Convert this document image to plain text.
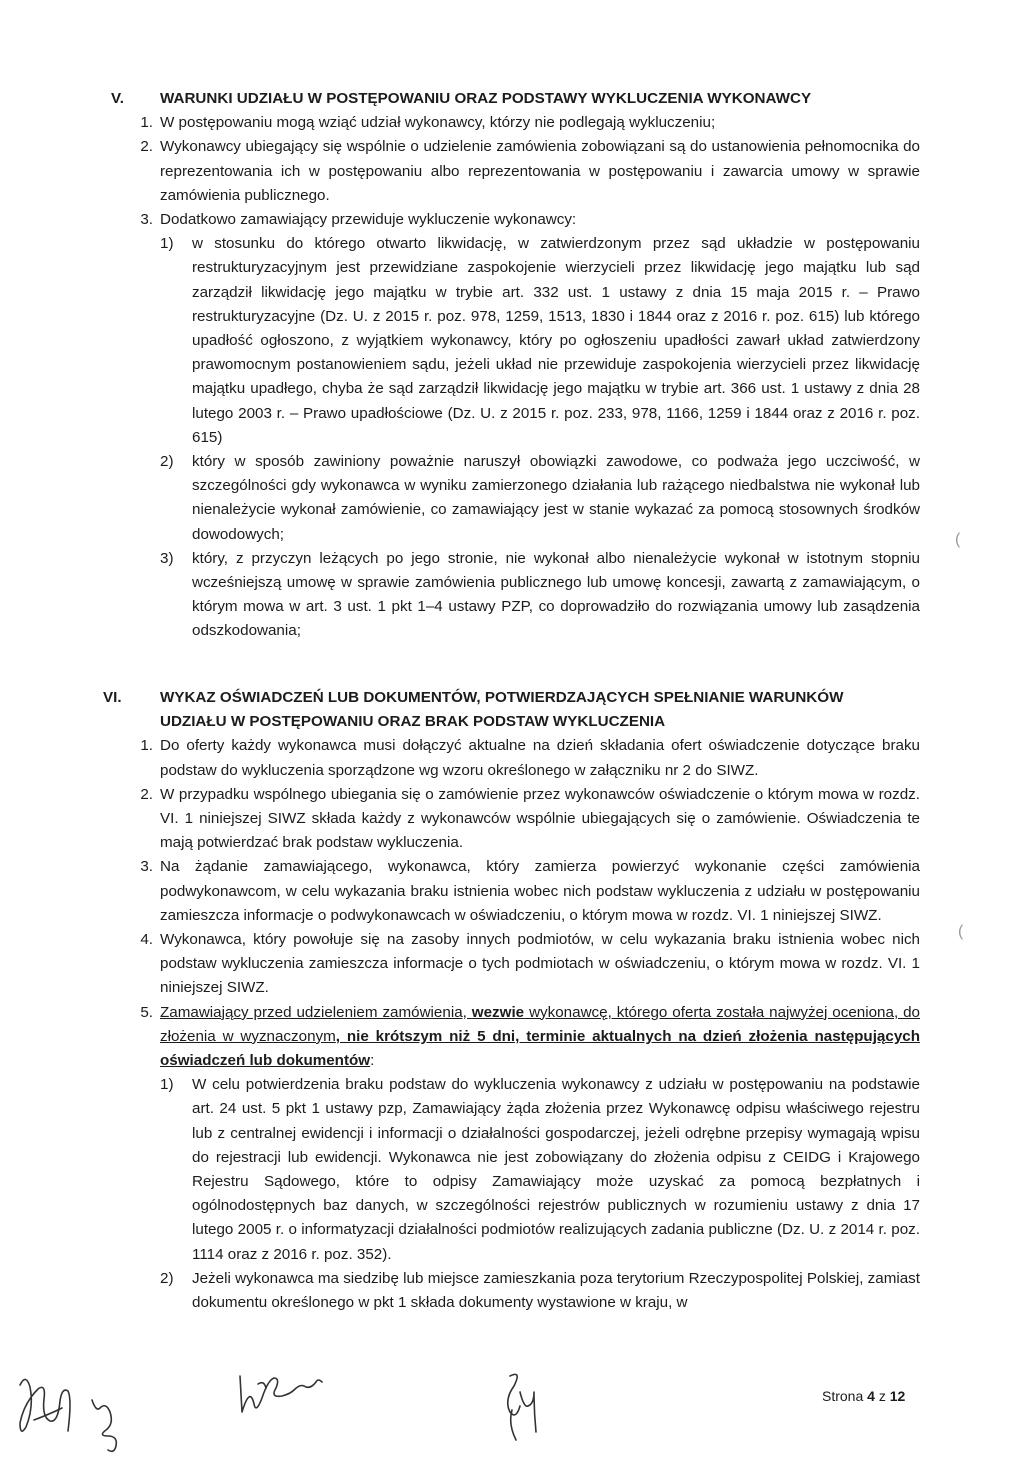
V. WARUNKI UDZIAŁU W POSTĘPOWANIU ORAZ PODSTAWY WYKLUCZENIA WYKONAWCY
1. W postępowaniu mogą wziąć udział wykonawcy, którzy nie podlegają wykluczeniu;
2. Wykonawcy ubiegający się wspólnie o udzielenie zamówienia zobowiązani są do ustanowienia pełnomocnika do reprezentowania ich w postępowaniu albo reprezentowania w postępowaniu i zawarcia umowy w sprawie zamówienia publicznego.
3. Dodatkowo zamawiający przewiduje wykluczenie wykonawcy:
1) w stosunku do którego otwarto likwidację, w zatwierdzonym przez sąd układzie w postępowaniu restrukturyzacyjnym jest przewidziane zaspokojenie wierzycieli przez likwidację jego majątku lub sąd zarządził likwidację jego majątku w trybie art. 332 ust. 1 ustawy z dnia 15 maja 2015 r. – Prawo restrukturyzacyjne (Dz. U. z 2015 r. poz. 978, 1259, 1513, 1830 i 1844 oraz z 2016 r. poz. 615) lub którego upadłość ogłoszono, z wyjątkiem wykonawcy, który po ogłoszeniu upadłości zawarł układ zatwierdzony prawomocnym postanowieniem sądu, jeżeli układ nie przewiduje zaspokojenia wierzycieli przez likwidację majątku upadłego, chyba że sąd zarządził likwidację jego majątku w trybie art. 366 ust. 1 ustawy z dnia 28 lutego 2003 r. – Prawo upadłościowe (Dz. U. z 2015 r. poz. 233, 978, 1166, 1259 i 1844 oraz z 2016 r. poz. 615)
2) który w sposób zawiniony poważnie naruszył obowiązki zawodowe, co podważa jego uczciwość, w szczególności gdy wykonawca w wyniku zamierzonego działania lub rażącego niedbalstwa nie wykonał lub nienależycie wykonał zamówienie, co zamawiający jest w stanie wykazać za pomocą stosownych środków dowodowych;
3) który, z przyczyn leżących po jego stronie, nie wykonał albo nienależycie wykonał w istotnym stopniu wcześniejszą umowę w sprawie zamówienia publicznego lub umowę koncesji, zawartą z zamawiającym, o którym mowa w art. 3 ust. 1 pkt 1–4 ustawy PZP, co doprowadziło do rozwiązania umowy lub zasądzenia odszkodowania;
VI.	WYKAZ OŚWIADCZEŃ LUB DOKUMENTÓW, POTWIERDZAJĄCYCH SPEŁNIANIE WARUNKÓW UDZIAŁU W POSTĘPOWANIU ORAZ BRAK PODSTAW WYKLUCZENIA
1. Do oferty każdy wykonawca musi dołączyć aktualne na dzień składania ofert oświadczenie dotyczące braku podstaw do wykluczenia sporządzone wg wzoru określonego w załączniku nr 2 do SIWZ.
2. W przypadku wspólnego ubiegania się o zamówienie przez wykonawców oświadczenie o którym mowa w rozdz. VI. 1 niniejszej SIWZ składa każdy z wykonawców wspólnie ubiegających się o zamówienie. Oświadczenia te mają potwierdzać brak podstaw wykluczenia.
3. Na żądanie zamawiającego, wykonawca, który zamierza powierzyć wykonanie części zamówienia podwykonawcom, w celu wykazania braku istnienia wobec nich podstaw wykluczenia z udziału w postępowaniu zamieszcza informacje o podwykonawcach w oświadczeniu, o którym mowa w rozdz. VI. 1 niniejszej SIWZ.
4. Wykonawca, który powołuje się na zasoby innych podmiotów, w celu wykazania braku istnienia wobec nich podstaw wykluczenia zamieszcza informacje o tych podmiotach w oświadczeniu, o którym mowa w rozdz. VI. 1 niniejszej SIWZ.
5. Zamawiający przed udzieleniem zamówienia, wezwie wykonawcę, którego oferta została najwyżej oceniona, do złożenia w wyznaczonym, nie krótszym niż 5 dni, terminie aktualnych na dzień złożenia następujących oświadczeń lub dokumentów:
1) W celu potwierdzenia braku podstaw do wykluczenia wykonawcy z udziału w postępowaniu na podstawie art. 24 ust. 5 pkt 1 ustawy pzp, Zamawiający żąda złożenia przez Wykonawcę odpisu właściwego rejestru lub z centralnej ewidencji i informacji o działalności gospodarczej, jeżeli odrębne przepisy wymagają wpisu do rejestracji lub ewidencji. Wykonawca nie jest zobowiązany do złożenia odpisu z CEIDG i Krajowego Rejestru Sądowego, które to odpisy Zamawiający może uzyskać za pomocą bezpłatnych i ogólnodostępnych baz danych, w szczególności rejestrów publicznych w rozumieniu ustawy z dnia 17 lutego 2005 r. o informatyzacji działalności podmiotów realizujących zadania publiczne (Dz. U. z 2014 r. poz. 1114 oraz z 2016 r. poz. 352).
2) Jeżeli wykonawca ma siedzibę lub miejsce zamieszkania poza terytorium Rzeczypospolitej Polskiej, zamiast dokumentu określonego w pkt 1 składa dokumenty wystawione w kraju, w
(
(
Strona 4 z 12
